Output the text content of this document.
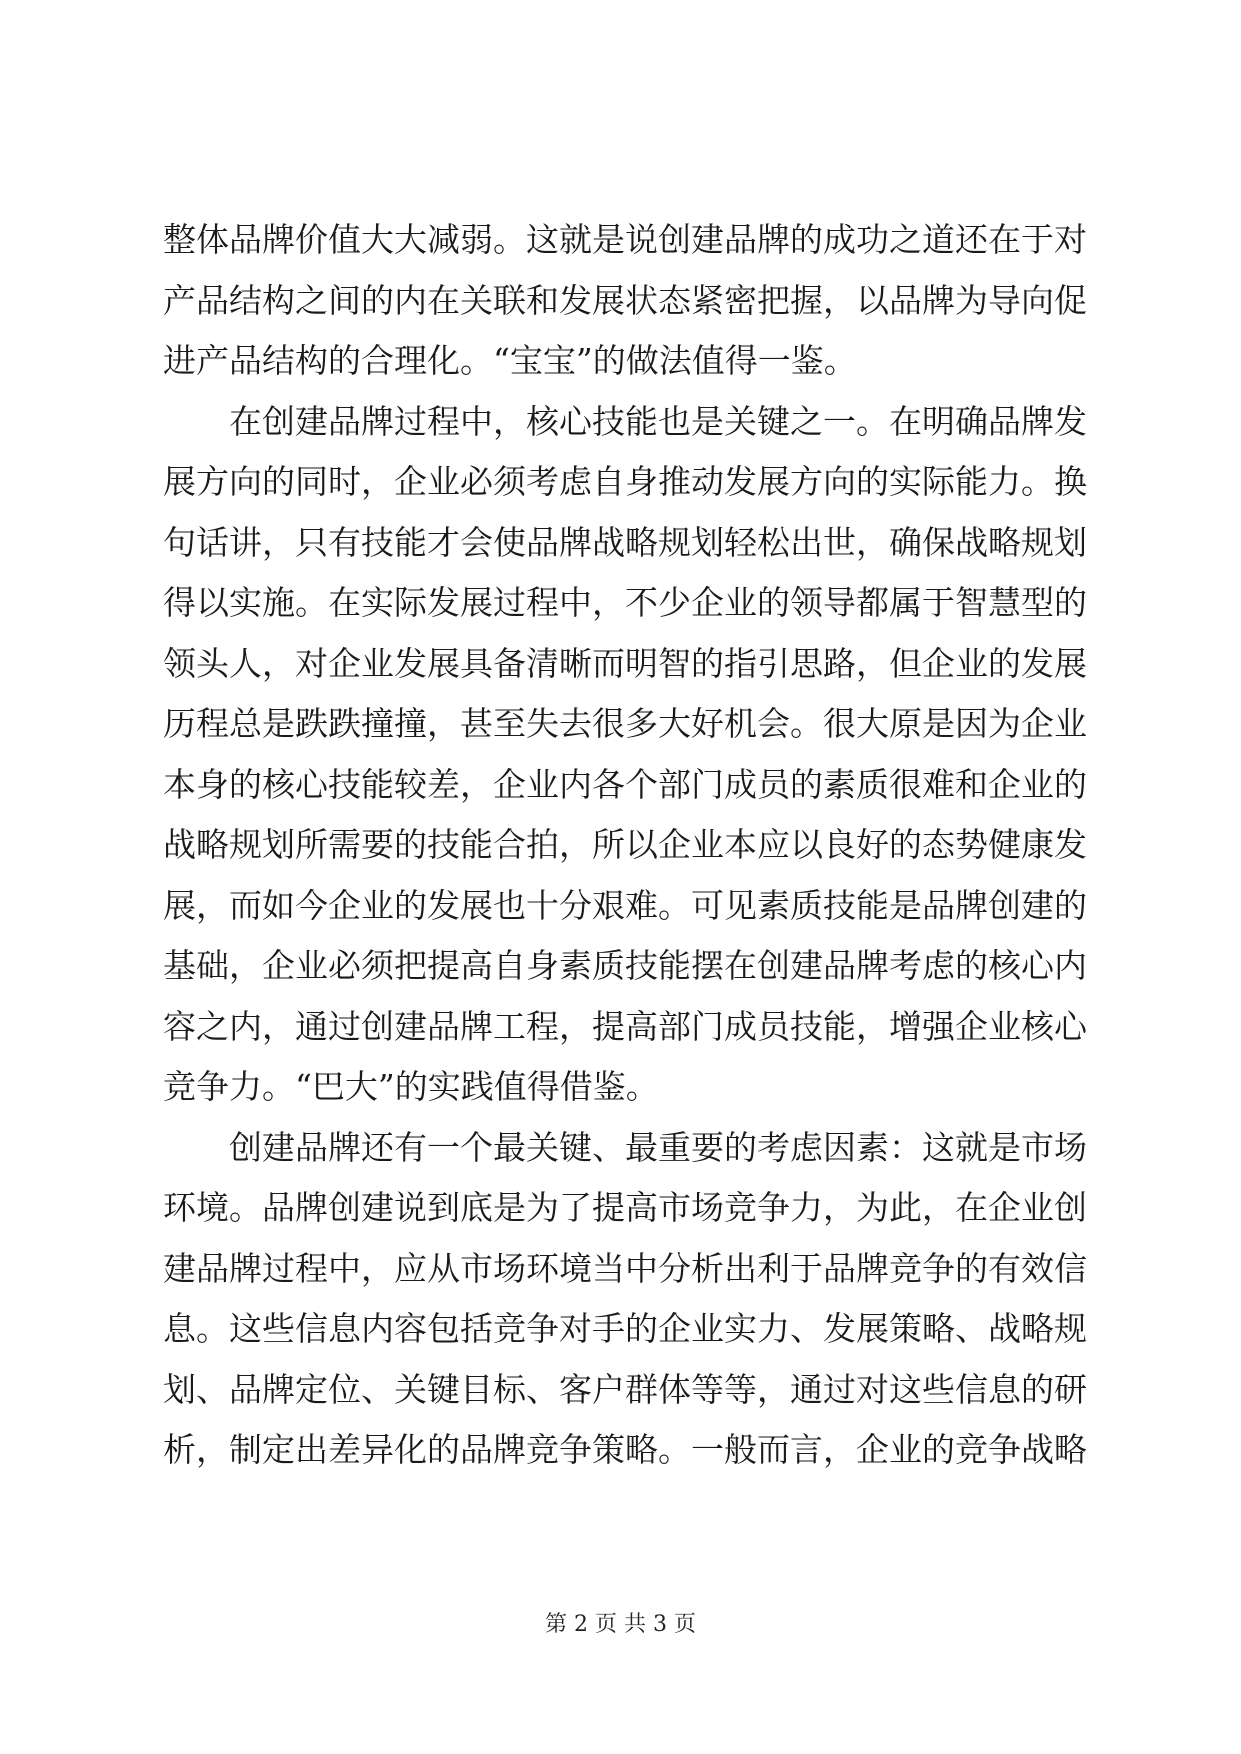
整体品牌价值大大减弱。这就是说创建品牌的成功之道还在于对
产品结构之间的内在关联和发展状态紧密把握，以品牌为导向促
进产品结构的合理化。“宝宝”的做法值得一鉴。
在创建品牌过程中，核心技能也是关键之一。在明确品牌发
展方向的同时，企业必须考虑自身推动发展方向的实际能力。换
句话讲，只有技能才会使品牌战略规划轻松出世，确保战略规划
得以实施。在实际发展过程中，不少企业的领导都属于智慧型的
领头人，对企业发展具备清晰而明智的指引思路，但企业的发展
历程总是跌跌撞撞，甚至失去很多大好机会。很大原是因为企业
本身的核心技能较差，企业内各个部门成员的素质很难和企业的
战略规划所需要的技能合拍，所以企业本应以良好的态势健康发
展，而如今企业的发展也十分艰难。可见素质技能是品牌创建的
基础，企业必须把提高自身素质技能摆在创建品牌考虑的核心内
容之内，通过创建品牌工程，提高部门成员技能，增强企业核心
竞争力。“巴大”的实践值得借鉴。
创建品牌还有一个最关键、最重要的考虑因素：这就是市场
环境。品牌创建说到底是为了提高市场竞争力，为此，在企业创
建品牌过程中，应从市场环境当中分析出利于品牌竞争的有效信
息。这些信息内容包括竞争对手的企业实力、发展策略、战略规
划、品牌定位、关键目标、客户群体等等，通过对这些信息的研
析，制定出差异化的品牌竞争策略。一般而言，企业的竞争战略
第 2 页 共 3 页
